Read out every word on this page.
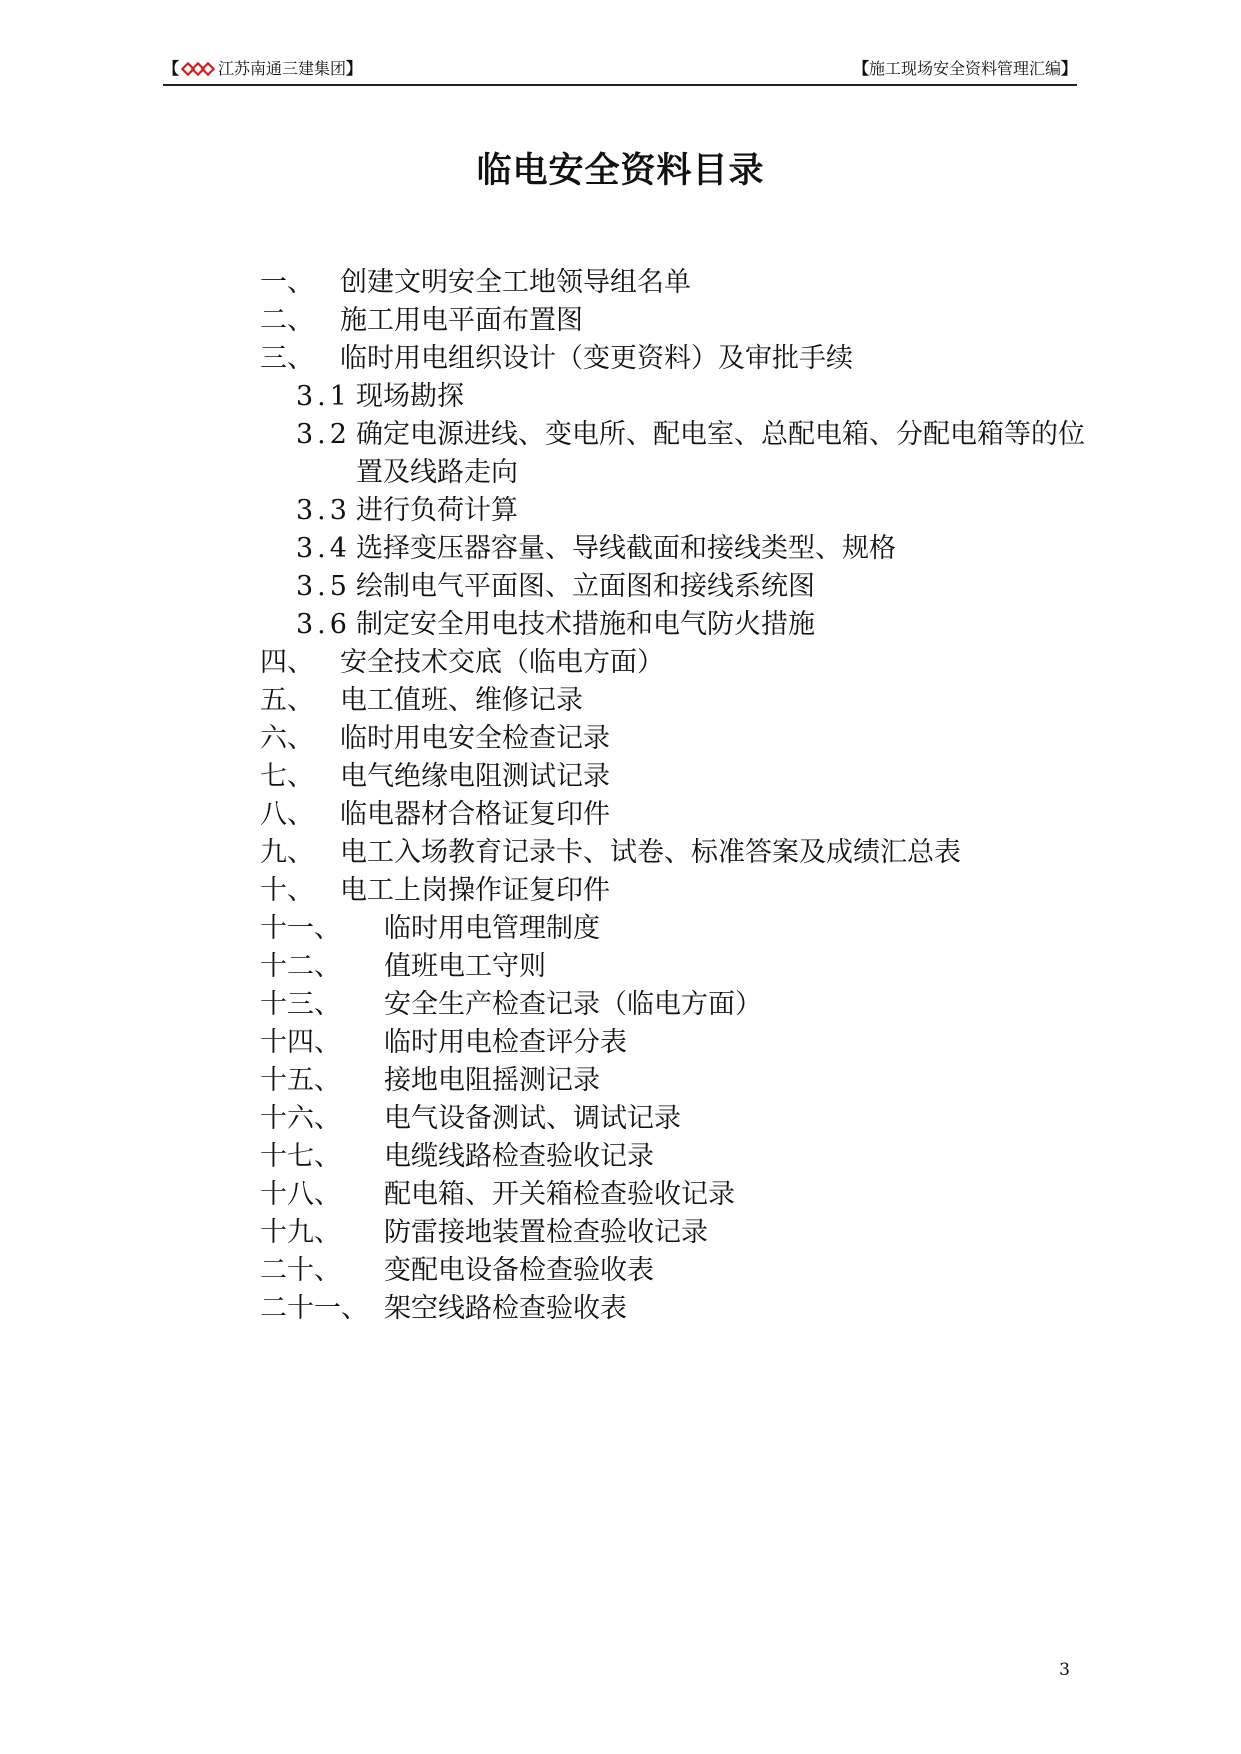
【 江苏南通三建集团 】	【施工现场安全资料管理汇编】
临电安全资料目录
一、 创建文明安全工地领导组名单
二、 施工用电平面布置图
三、 临时用电组织设计（变更资料）及审批手续
3.1 现场勘探
3.2 确定电源进线、变电所、配电室、总配电箱、分配电箱等的位置及线路走向
3.3 进行负荷计算
3.4 选择变压器容量、导线截面和接线类型、规格
3.5 绘制电气平面图、立面图和接线系统图
3.6 制定安全用电技术措施和电气防火措施
四、 安全技术交底（临电方面）
五、 电工值班、维修记录
六、 临时用电安全检查记录
七、 电气绝缘电阻测试记录
八、 临电器材合格证复印件
九、 电工入场教育记录卡、试卷、标准答案及成绩汇总表
十、 电工上岗操作证复印件
十一、 临时用电管理制度
十二、 值班电工守则
十三、 安全生产检查记录（临电方面）
十四、 临时用电检查评分表
十五、 接地电阻摇测记录
十六、 电气设备测试、调试记录
十七、 电缆线路检查验收记录
十八、 配电箱、开关箱检查验收记录
十九、 防雷接地装置检查验收记录
二十、 变配电设备检查验收表
二十一、 架空线路检查验收表
3
